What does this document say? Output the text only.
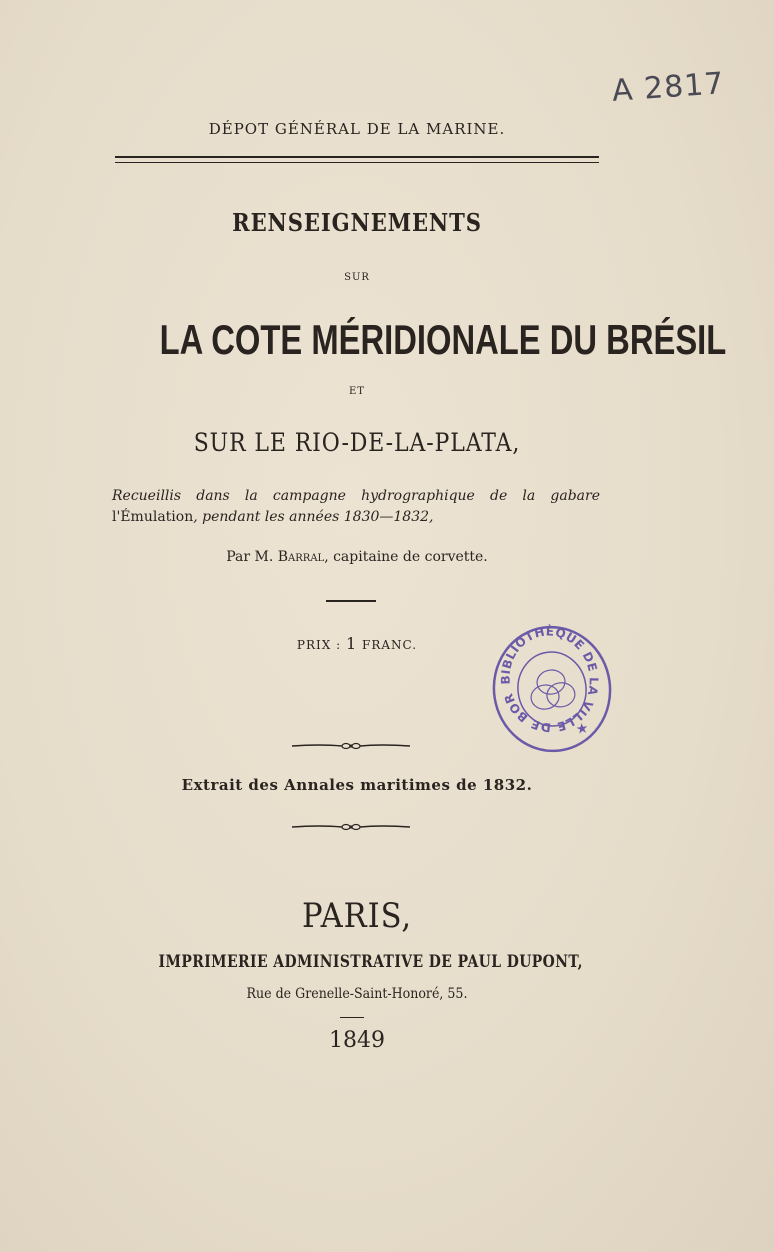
A 2817
DÉPOT GÉNÉRAL DE LA MARINE.
RENSEIGNEMENTS
SUR
LA COTE MÉRIDIONALE DU BRÉSIL
ET
SUR LE RIO-DE-LA-PLATA,
Recueillis dans la campagne hydrographique de la gabare l'Émulation, pendant les années 1830—1832,
Par M. Barral, capitaine de corvette.
PRIX : 1 FRANC.
Extrait des Annales maritimes de 1832.
PARIS,
IMPRIMERIE ADMINISTRATIVE DE PAUL DUPONT,
Rue de Grenelle-Saint-Honoré, 55.
1849
BIBLIOTHÈQUE DE LA VILLE DE BORDEAUX
★
